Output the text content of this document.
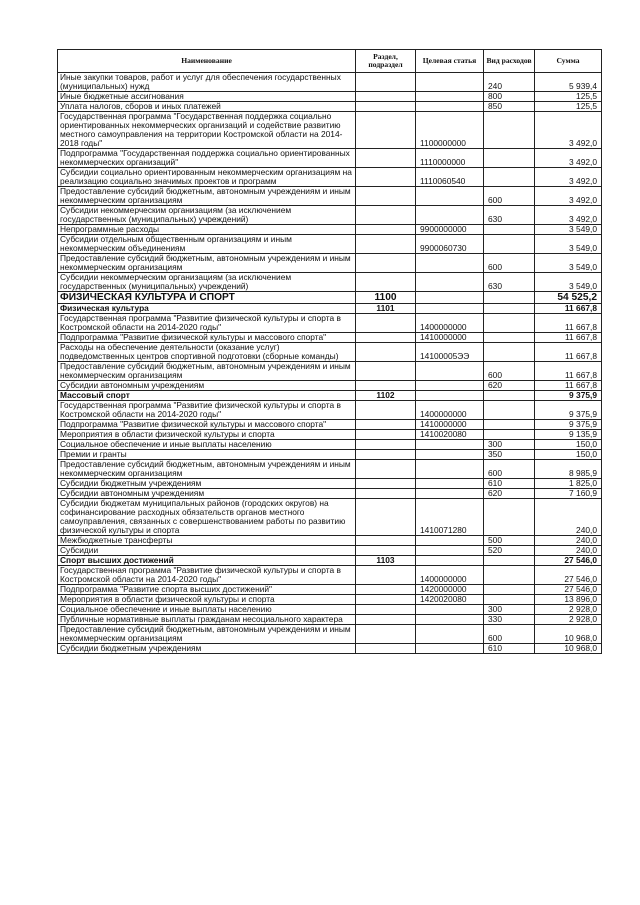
Наименование	Раздел, подраздел	Целевая статья	Вид расходов	Сумма
Иные закупки товаров, работ и услуг для обеспечения государственных (муниципальных) нужд			240	5 939,4
Иные бюджетные ассигнования			800	125,5
Уплата налогов, сборов и иных платежей			850	125,5
Государственная программа "Государственная поддержка социально ориентированных некоммерческих организаций и содействие развитию местного самоуправления на территории Костромской области на 2014-2018 годы"		1100000000		3 492,0
Подпрограмма "Государственная поддержка социально ориентированных некоммерческих организаций"		1110000000		3 492,0
Субсидии социально ориентированным некоммерческим организациям на реализацию социально значимых проектов и программ		1110060540		3 492,0
Предоставление субсидий бюджетным, автономным учреждениям и иным некоммерческим организациям			600	3 492,0
Субсидии некоммерческим организациям (за исключением государственных (муниципальных) учреждений)			630	3 492,0
Непрограммные расходы		9900000000		3 549,0
Субсидии отдельным общественным организациям и иным некоммерческим объединениям		9900060730		3 549,0
Предоставление субсидий бюджетным, автономным учреждениям и иным некоммерческим организациям			600	3 549,0
Субсидии некоммерческим организациям (за исключением государственных (муниципальных) учреждений)			630	3 549,0
ФИЗИЧЕСКАЯ КУЛЬТУРА И СПОРТ	1100			54 525,2
Физическая культура	1101			11 667,8
Государственная программа "Развитие физической культуры и спорта в Костромской области на 2014-2020 годы"		1400000000		11 667,8
Подпрограмма "Развитие физической культуры и массового спорта"		1410000000		11 667,8
Расходы на обеспечение деятельности (оказание услуг) подведомственных центров спортивной подготовки (сборные команды)		14100005ЭЭ		11 667,8
Предоставление субсидий бюджетным, автономным учреждениям и иным некоммерческим организациям			600	11 667,8
Субсидии автономным учреждениям			620	11 667,8
Массовый спорт	1102			9 375,9
Государственная программа "Развитие физической культуры и спорта в Костромской области на 2014-2020 годы"		1400000000		9 375,9
Подпрограмма "Развитие физической культуры и массового спорта"		1410000000		9 375,9
Мероприятия в области физической культуры и спорта		1410020080		9 135,9
Социальное обеспечение и иные выплаты населению			300	150,0
Премии и гранты			350	150,0
Предоставление субсидий бюджетным, автономным учреждениям и иным некоммерческим организациям			600	8 985,9
Субсидии бюджетным учреждениям			610	1 825,0
Субсидии автономным учреждениям			620	7 160,9
Субсидии бюджетам муниципальных районов (городских округов) на софинансирование расходных обязательств органов местного самоуправления, связанных с совершенствованием работы по развитию физической культуры и спорта		1410071280		240,0
Межбюджетные трансферты			500	240,0
Субсидии			520	240,0
Спорт высших достижений	1103			27 546,0
Государственная программа "Развитие физической культуры и спорта в Костромской области на 2014-2020 годы"		1400000000		27 546,0
Подпрограмма "Развитие спорта высших достижений"		1420000000		27 546,0
Мероприятия в области физической культуры и спорта		1420020080		13 896,0
Социальное обеспечение и иные выплаты населению			300	2 928,0
Публичные нормативные выплаты гражданам несоциального характера			330	2 928,0
Предоставление субсидий бюджетным, автономным учреждениям и иным некоммерческим организациям			600	10 968,0
Субсидии бюджетным учреждениям			610	10 968,0
